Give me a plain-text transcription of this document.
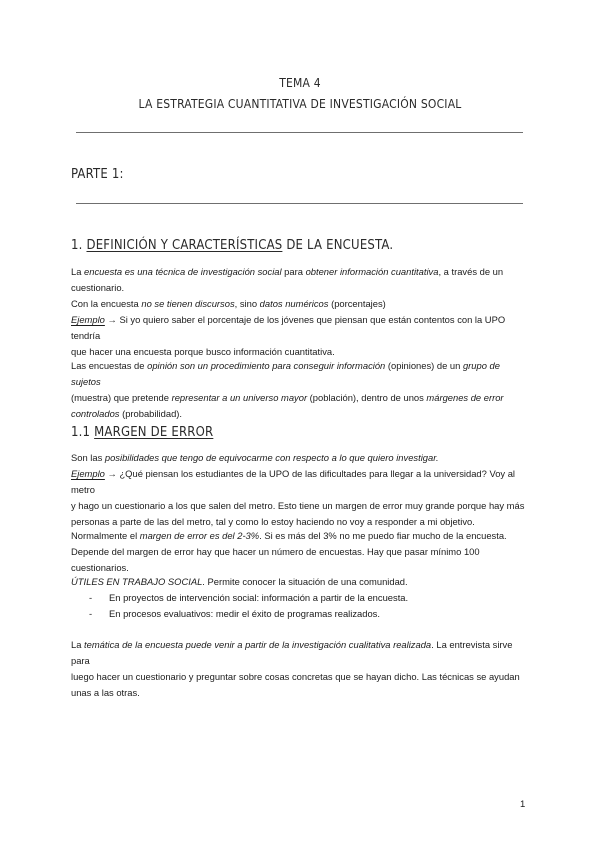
TEMA 4
LA ESTRATEGIA CUANTITATIVA DE INVESTIGACIÓN SOCIAL
PARTE 1:
1. DEFINICIÓN Y CARACTERÍSTICAS DE LA ENCUESTA.
La encuesta es una técnica de investigación social para obtener información cuantitativa, a través de un
cuestionario.
Con la encuesta no se tienen discursos, sino datos numéricos (porcentajes)
Ejemplo → Si yo quiero saber el porcentaje de los jóvenes que piensan que están contentos con la UPO tendría
que hacer una encuesta porque busco información cuantitativa.
Las encuestas de opinión son un procedimiento para conseguir información (opiniones) de un grupo de sujetos
(muestra) que pretende representar a un universo mayor (población), dentro de unos márgenes de error
controlados (probabilidad).
1.1 MARGEN DE ERROR
Son las posibilidades que tengo de equivocarme con respecto a lo que quiero investigar.
Ejemplo → ¿Qué piensan los estudiantes de la UPO de las dificultades para llegar a la universidad? Voy al metro
y hago un cuestionario a los que salen del metro. Esto tiene un margen de error muy grande porque hay más
personas a parte de las del metro, tal y como lo estoy haciendo no voy a responder a mi objetivo.
Normalmente el margen de error es del 2-3%. Si es más del 3% no me puedo fiar mucho de la encuesta.
Depende del margen de error hay que hacer un número de encuestas. Hay que pasar mínimo 100 cuestionarios.
ÚTILES EN TRABAJO SOCIAL. Permite conocer la situación de una comunidad.
- En proyectos de intervención social: información a partir de la encuesta.
- En procesos evaluativos: medir el éxito de programas realizados.
La temática de la encuesta puede venir a partir de la investigación cualitativa realizada. La entrevista sirve para
luego hacer un cuestionario y preguntar sobre cosas concretas que se hayan dicho. Las técnicas se ayudan
unas a las otras.
1
